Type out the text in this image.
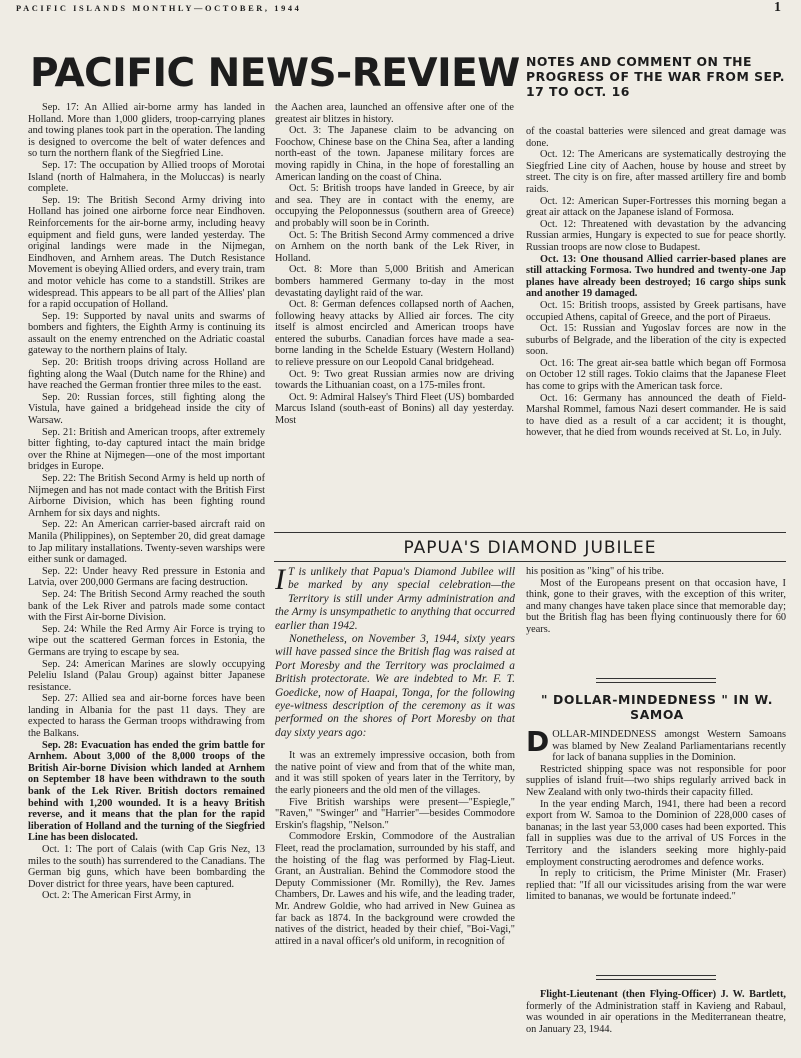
PACIFIC ISLANDS MONTHLY—OCTOBER, 1944	1
PACIFIC NEWS-REVIEW NOTES AND COMMENT ON THE PROGRESS OF THE WAR FROM SEP. 17 TO OCT. 16

Sep. 17: An Allied air-borne army has landed in Holland. More than 1,000 gliders, troop-carrying planes and towing planes took part in the operation. The landing is designed to overcome the belt of water defences and so turn the northern flank of the Siegfried Line.

Sep. 17: The occupation by Allied troops of Morotai Island (north of Halmahera, in the Moluccas) is nearly complete.

Sep. 19: The British Second Army driving into Holland has joined one airborne force near Eindhoven. Reinforcements for the air-borne army, including heavy equipment and field guns, were landed yesterday. The original landings were made in the Nijmegan, Eindhoven, and Arnhem areas. The Dutch Resistance Movement is obeying Allied orders, and every train, tram and motor vehicle has come to a standstill. Strikes are widespread. This appears to be all part of the Allies' plan for a rapid occupation of Holland.

Sep. 19: Supported by naval units and swarms of bombers and fighters, the Eighth Army is continuing its assault on the enemy entrenched on the Adriatic coastal gateway to the northern plains of Italy.

Sep. 20: British troops driving across Holland are fighting along the Waal (Dutch name for the Rhine) and have reached the German frontier three miles to the east.

Sep. 20: Russian forces, still fighting along the Vistula, have gained a bridgehead inside the city of Warsaw.

Sep. 21: British and American troops, after extremely bitter fighting, to-day captured intact the main bridge over the Rhine at Nijmegen—one of the most important bridges in Europe.

Sep. 22: The British Second Army is held up north of Nijmegen and has not made contact with the British First Airborne Division, which has been fighting round Arnhem for six days and nights.

Sep. 22: An American carrier-based aircraft raid on Manila (Philippines), on September 20, did great damage to Jap military installations. Twenty-seven warships were either sunk or damaged.

Sep. 22: Under heavy Red pressure in Estonia and Latvia, over 200,000 Germans are facing destruction.

Sep. 24: The British Second Army reached the south bank of the Lek River and patrols made some contact with the First Air-borne Division.

Sep. 24: While the Red Army Air Force is trying to wipe out the scattered German forces in Estonia, the Germans are trying to escape by sea.

Sep. 24: American Marines are slowly occupying Peleliu Island (Palau Group) against bitter Japanese resistance.

Sep. 27: Allied sea and air-borne forces have been landing in Albania for the past 11 days. They are expected to harass the German troops withdrawing from the Balkans.

Sep. 28: Evacuation has ended the grim battle for Arnhem. About 3,000 of the 8,000 troops of the British Air-borne Division which landed at Arnhem on September 18 have been withdrawn to the south bank of the Lek River. British doctors remained behind with 1,200 wounded. It is a heavy British reverse, and it means that the plan for the rapid liberation of Holland and the turning of the Siegfried Line has been dislocated.

Oct. 1: The port of Calais (with Cap Gris Nez, 13 miles to the south) has surrendered to the Canadians. The German big guns, which have been bombarding the Dover district for three years, have been captured.

Oct. 2: The American First Army, in

the Aachen area, launched an offensive after one of the greatest air blitzes in history.

Oct. 3: The Japanese claim to be advancing on Foochow, Chinese base on the China Sea, after a landing north-east of the town. Japanese military forces are moving rapidly in China, in the hope of forestalling an American landing on the coast of China.

Oct. 5: British troops have landed in Greece, by air and sea. They are in contact with the enemy, are occupying the Peloponnessus (southern area of Greece) and probably will soon be in Corinth.

Oct. 5: The British Second Army commenced a drive on Arnhem on the north bank of the Lek River, in Holland.

Oct. 8: More than 5,000 British and American bombers hammered Germany to-day in the most devastating daylight raid of the war.

Oct. 8: German defences collapsed north of Aachen, following heavy attacks by Allied air forces. The city itself is almost encircled and American troops have entered the suburbs. Canadian forces have made a sea-borne landing in the Schelde Estuary (Western Holland) to relieve pressure on our Leopold Canal bridgehead.

Oct. 9: Two great Russian armies now are driving towards the Lithuanian coast, on a 175-miles front.

Oct. 9: Admiral Halsey's Third Fleet (US) bombarded Marcus Island (south-east of Bonins) all day yesterday. Most

of the coastal batteries were silenced and great damage was done.

Oct. 12: The Americans are systematically destroying the Siegfried Line city of Aachen, house by house and street by street. The city is on fire, after massed artillery fire and bomb raids.

Oct. 12: American Super-Fortresses this morning began a great air attack on the Japanese island of Formosa.

Oct. 12: Threatened with devastation by the advancing Russian armies, Hungary is expected to sue for peace shortly. Russian troops are now close to Budapest.

Oct. 13: One thousand Allied carrier-based planes are still attacking Formosa. Two hundred and twenty-one Jap planes have already been destroyed; 16 cargo ships sunk and another 19 damaged.

Oct. 15: British troops, assisted by Greek partisans, have occupied Athens, capital of Greece, and the port of Piraeus.

Oct. 15: Russian and Yugoslav forces are now in the suburbs of Belgrade, and the liberation of the city is expected soon.

Oct. 16: The great air-sea battle which began off Formosa on October 12 still rages. Tokio claims that the Japanese Fleet has come to grips with the American task force.

Oct. 16: Germany has announced the death of Field-Marshal Rommel, famous Nazi desert commander. He is said to have died as a result of a car accident; it is thought, however, that he died from wounds received at St. Lo, in July.

PAPUA'S DIAMOND JUBILEE

I T is unlikely that Papua's Diamond Jubilee will be marked by any special celebration—the Territory is still under Army administration and the Army is unsympathetic to anything that occurred earlier than 1942.

Nonetheless, on November 3, 1944, sixty years will have passed since the British flag was raised at Port Moresby and the Territory was proclaimed a British protectorate. We are indebted to Mr. F. T. Goedicke, now of Haapai, Tonga, for the following eye-witness description of the ceremony as it was performed on the shores of Port Moresby on that day sixty years ago:

It was an extremely impressive occasion, both from the native point of view and from that of the white man, and it was still spoken of years later in the Territory, by the early pioneers and the old men of the villages.

Five British warships were present—"Espiegle," "Raven," "Swinger" and "Harrier"—besides Commodore Erskin's flagship, "Nelson."

Commodore Erskin, Commodore of the Australian Fleet, read the proclamation, surrounded by his staff, and the hoisting of the flag was performed by Flag-Lieut. Grant, an Australian. Behind the Commodore stood the Deputy Commissioner (Mr. Romilly), the Rev. James Chambers, Dr. Lawes and his wife, and the leading trader, Mr. Andrew Goldie, who had arrived in New Guinea as far back as 1874. In the background were crowded the natives of the district, headed by their chief, "Boi-Vagi," attired in a naval officer's old uniform, in recognition of

his position as "king" of his tribe.

Most of the Europeans present on that occasion have, I think, gone to their graves, with the exception of this writer, and many changes have taken place since that memorable day; but the British flag has been flying continuously there for 60 years.

" DOLLAR-MINDEDNESS " IN W. SAMOA

DOLLAR-MINDEDNESS amongst Western Samoans was blamed by New Zealand Parliamentarians recently for lack of banana supplies in the Dominion.

Restricted shipping space was not responsible for poor supplies of island fruit—two ships regularly arrived back in New Zealand with only two-thirds their capacity filled.

In the year ending March, 1941, there had been a record export from W. Samoa to the Dominion of 228,000 cases of bananas; in the last year 53,000 cases had been exported. This fall in supplies was due to the arrival of US Forces in the Territory and the islanders seeking more highly-paid employment constructing aerodromes and defence works.

In reply to criticism, the Prime Minister (Mr. Fraser) replied that: "If all our vicissitudes arising from the war were limited to bananas, we would be fortunate indeed."

Flight-Lieutenant (then Flying-Officer) J. W. Bartlett, formerly of the Administration staff in Kavieng and Rabaul, was wounded in air operations in the Mediterranean theatre, on January 23, 1944.
